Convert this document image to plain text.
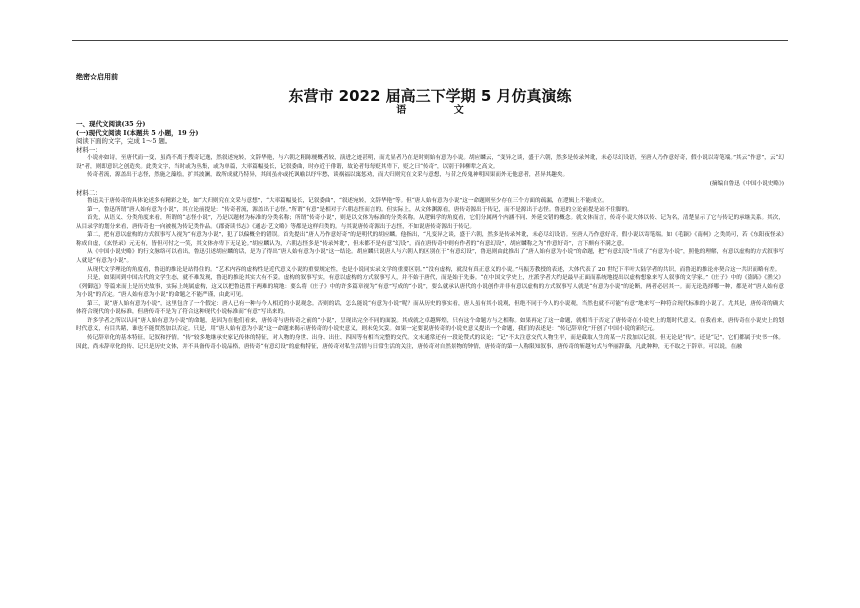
绝密☆启用前
东营市 2022 届高三下学期 5 月仿真演练
语 文
一、现代文阅读(35 分)
(一)现代文阅读 I(本题共 5 小题，19 分)
阅读下面的文字，完成 1～5 题。
材料一：

小说亦如诗，至唐代而一变，虽尚不离于搜奇记逸，然叙述宛转，文辞华艳，与六朝之粗陈梗概者较，演进之迹甚明，而尤显者乃在是时则始有意为小说。胡应麟云，“变异之谈，盛于六朝，然多是传录舛讹，未必尽幻设语，至唐人乃作意好奇，假小说以寄笔端。”其云“作意”，云“幻设”者，则即意识之创造矣。此类文字，当时或为丛集，或为单篇，大率篇幅曼长，记叙委曲，时亦近于俳谐，故论者每每贬其卑下，贬之曰“传奇”，以别于韩柳辈之高文。

传奇者流，源盖出于志怪，然施之藻绘，扩其波澜，故所成就乃特异，其间虽亦或托讽喻以纾牢愁，谈祸福以寓惩劝，而大归则究在文采与意想，与昔之传鬼神明因果而外无他意者，甚异其趣矣。

(摘编自鲁迅《中国小说史略》)
材料二：

鲁迅关于唐传奇的具体论述多有精彩之处，如“大归则究在文采与意想”，“大率篇幅曼长，记叙委曲”，“叙述宛转，文辞华艳”等。但“唐人始有意为小说”这一命题则至少存在三个方面的疏漏，在逻辑上不能成立。

第一，鲁迅所谓“唐人始有意为小说”，其立论前提是：“传奇者流，源盖出于志怪。”所谓“有意”是相对于六朝志怪而言的。但实际上，从文体渊源看，唐传奇源出于传记，而不是源出于志怪。鲁迅的立论前提是站不住脚的。

首先，从语义、分类角度来看，所谓的“志怪小说”，乃是以题材为标准的分类名称；所谓“传奇小说”，则是以文体为标准的分类名称。从逻辑学的角度看，它们分属两个内涵不同、外延交错的概念。就文体而言，传奇小说大体以传、记为名，清楚显示了它与传记的承继关系。其次，从目录学的划分来看，唐传奇也一向被视为传记类作品。《郡斋读书志》《通志·艺文略》等都是这样归类的。与其说唐传奇源出于志怪，不如说唐传奇源出于传记。

第二，把有意以虚构的方式叙事写人视为“有意为小说”，犯了以偏概全的错误。首先提出“唐人乃作意好奇”的是明代的胡应麟。他指出，“凡变异之谈，盛于六朝，然多是传录舛讹，未必尽幻设语。至唐人乃作意好奇，假小说以寄笔端。如《毛颖》《南柯》之类尚可，若《东阳夜怪录》称成自虚，《玄怪录》元无有，皆但可付之一笑，其文体亦卑下无足论。”胡应麟认为，六朝志怪多是“传录舛讹”，但未都不是有意“幻设”，而在唐传奇中则有作者的“有意幻设”，胡应麟称之为“作意好奇”，言下颇有不满之意。

从《中国小说史略》的行文脉络可以看出，鲁迅引述胡应麟的话，是为了得出“唐人始有意为小说”这一结论。胡应麟只说唐人与六朝人的区别在于“有意幻设”，鲁迅则由此推出了“唐人始有意为小说”的命题，把“有意幻设”当成了“有意为小说”，照他的理解，有意以虚构的方式叙事写人就是“有意为小说”。

从现代文学理论的角度看，鲁迅的推论是站得住的。“艺术内容的虚构性是近代意义小说的重要规定性，也是小说同实录文学的重要区别。”“没有虚构，就没有真正意义的小说。”马振芳教授的表述，大体代表了 20 世纪下半叶大陆学者的共识，而鲁迅的推论亦契合这一共识而略有差。

只是，如果回到中国古代的文学生态，就不难发现，鲁迅的推论其实大有不妥。虚构的叙事写实，有意以虚构的方式叙事写人，并不始于唐代，而是始于先秦。“在中国文学史上，庄派学者大约是最早正面而系统地提出以虚构想象来写人叙事的文学家。”《庄子》中的《盗跖》《渔父》《列御寇》等篇来而上是历史故事，实际上纯属虚构，这又以把鲁迅置于两难的境地：要么将《庄子》中的许多篇章视为“有意”写成的“小说”，要么就承认唐代的小说创作并非有意以虚构的方式叙事写人就是“有意为小说”的论断，两者必居其一。而无论选择哪一种，都是对“唐人始有意为小说”的否定。“唐人始有意为小说”的命题之不能严谨，由此可见。

第三，说“唐人始有意为小说”，这里包含了一个假定：唐人已有一种与今人相近的小说观念。否则的话，怎么能说“有意为小说”呢？而从历史的事实看，唐人虽有其小说观，但绝不同于今人的小说观，当然也就不可能“有意”地来写一种符合现代标准的小说了。尤其是，唐传奇的确大体符合现代的小说标准，但唐传奇不是为了符合这种现代小说标准而“有意”写出来的。

许多学者之所以认同“唐人始有意为小说”的命题，是因为在他们看来，唐传奇与唐传奇之前的“小说”，呈现出完全不同的面貌。其成就之卓越辉煌，只有这个命题方与之相称。如果再定了这一命题，就相当于否定了唐传奇在小说史上的划时代意义。在我看来，唐传奇在小说史上的划时代意义，有目共睹，谁也不能贸然加以否定。只是，用“唐人始有意为小说”这一命题来揭示唐传奇的小说史意义，则未免欠妥。如果一定要说唐传奇的小说史意义提出一个命题，我们的表述是：“传记辞章化”开创了中国小说的新纪元。

传记辞章化的基本特征，记叙和抒情。“传”较多地继承史家记传体的特征，对人物的身世、出身、出仕、四因等有相当完整的交代。文末通常还有一段论赞式的议论；“记”不太注意交代人物生平，而是截取人生的某一片段加以记叙。但无论是“传”，还是“记”，它们都属于史书一体。因此，尚未辞章化的传、记只是历史文体，并不具备传奇小说品格，唐传奇“有意幻设”的虚构特征，唐传奇对私生活情与日常生活的关注，唐传奇对自然景物的钟情，唐传奇的第一人称限知叙事，唐传奇的斩越句式与华丽辞藻，凡此种种，无不取之于辞章。可以说，在融
